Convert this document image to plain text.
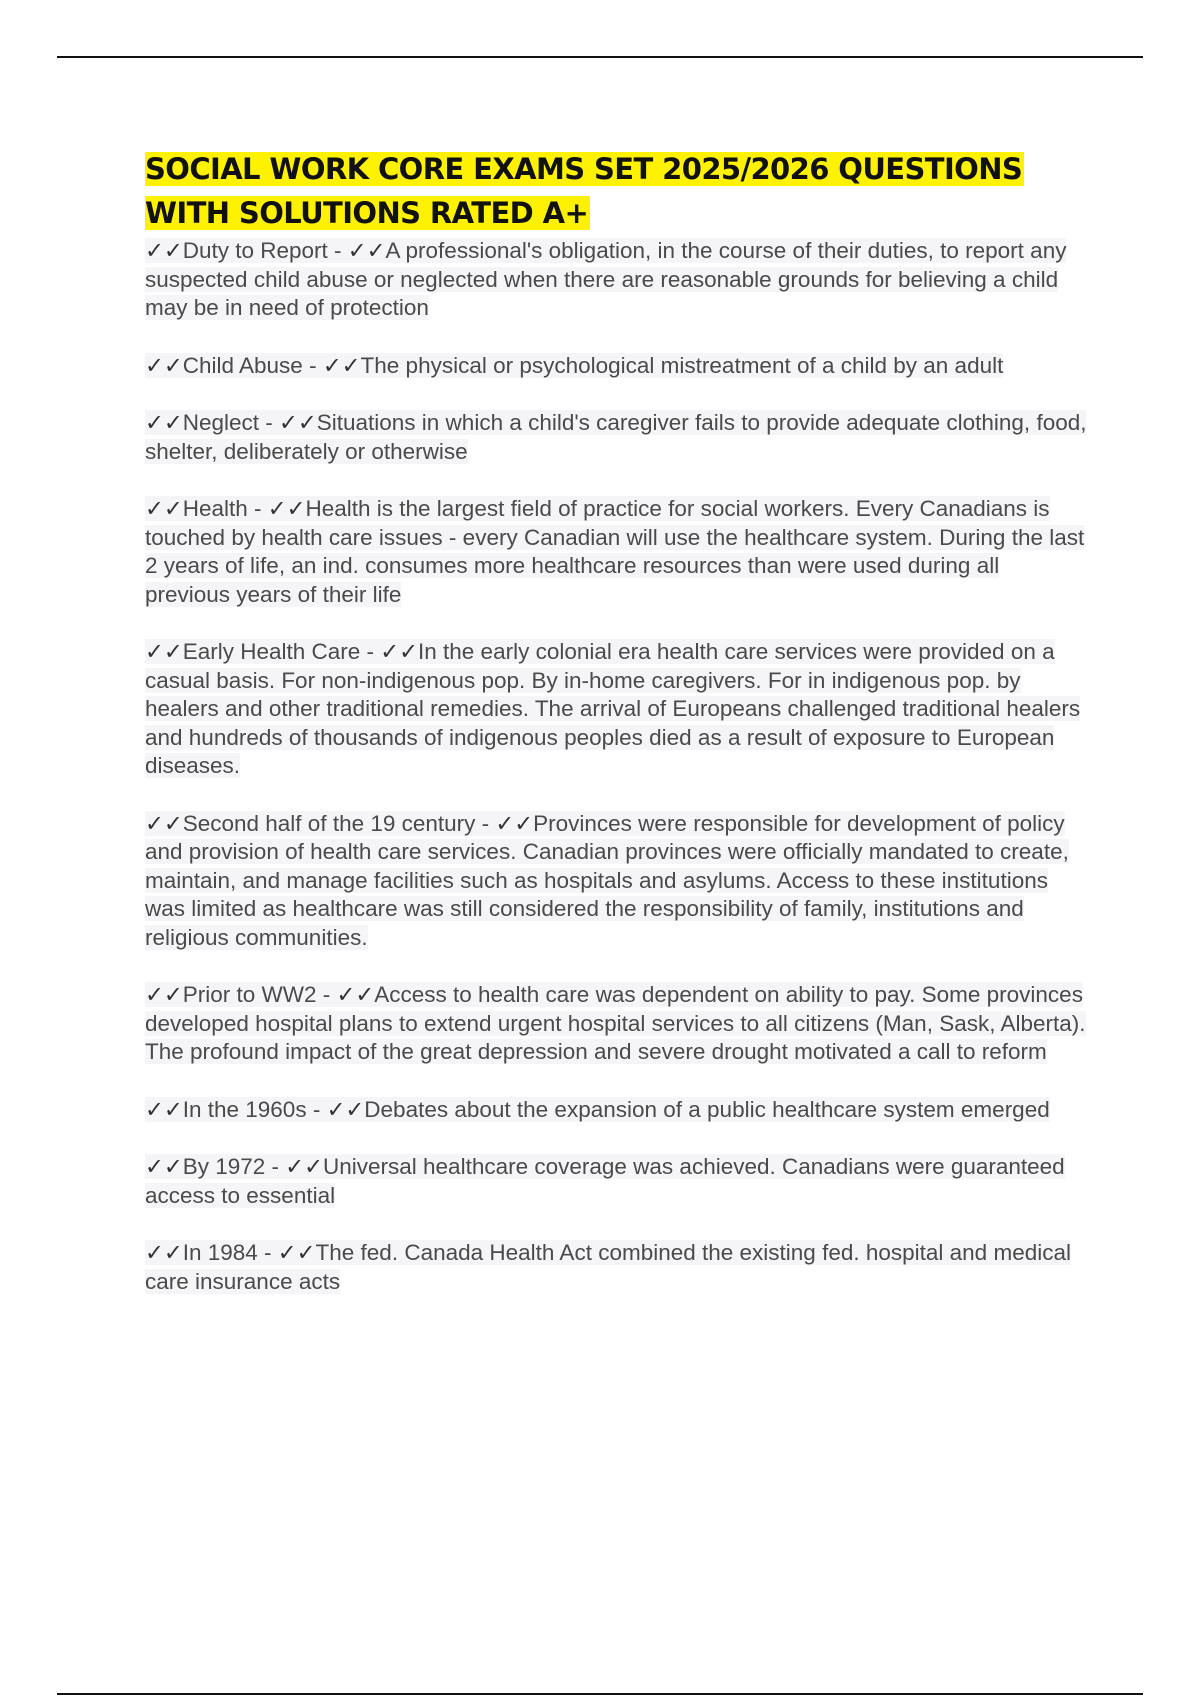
SOCIAL WORK CORE EXAMS SET 2025/2026 QUESTIONS WITH SOLUTIONS RATED A+

✓✓Duty to Report - ✓✓A professional's obligation, in the course of their duties, to report any suspected child abuse or neglected when there are reasonable grounds for believing a child may be in need of protection

✓✓Child Abuse - ✓✓The physical or psychological mistreatment of a child by an adult

✓✓Neglect - ✓✓Situations in which a child's caregiver fails to provide adequate clothing, food, shelter, deliberately or otherwise

✓✓Health - ✓✓Health is the largest field of practice for social workers. Every Canadians is touched by health care issues - every Canadian will use the healthcare system. During the last 2 years of life, an ind. consumes more healthcare resources than were used during all previous years of their life

✓✓Early Health Care - ✓✓In the early colonial era health care services were provided on a casual basis. For non-indigenous pop. By in-home caregivers. For in indigenous pop. by healers and other traditional remedies. The arrival of Europeans challenged traditional healers and hundreds of thousands of indigenous peoples died as a result of exposure to European diseases.

✓✓Second half of the 19 century - ✓✓Provinces were responsible for development of policy and provision of health care services. Canadian provinces were officially mandated to create, maintain, and manage facilities such as hospitals and asylums. Access to these institutions was limited as healthcare was still considered the responsibility of family, institutions and religious communities.

✓✓Prior to WW2 - ✓✓Access to health care was dependent on ability to pay. Some provinces developed hospital plans to extend urgent hospital services to all citizens (Man, Sask, Alberta). The profound impact of the great depression and severe drought motivated a call to reform

✓✓In the 1960s - ✓✓Debates about the expansion of a public healthcare system emerged

✓✓By 1972 - ✓✓Universal healthcare coverage was achieved. Canadians were guaranteed access to essential

✓✓In 1984 - ✓✓The fed. Canada Health Act combined the existing fed. hospital and medical care insurance acts
